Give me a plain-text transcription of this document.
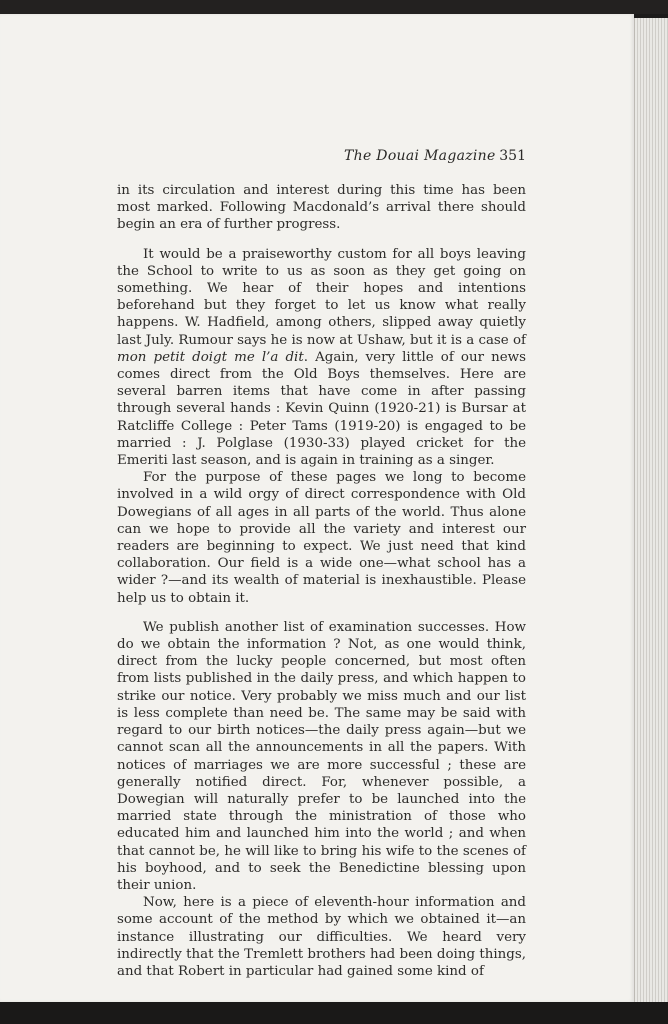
The Douai Magazine 351

in its circulation and interest during this time has been most marked. Following Macdonald’s arrival there should begin an era of further progress.

It would be a praiseworthy custom for all boys leaving the School to write to us as soon as they get going on something. We hear of their hopes and intentions beforehand but they forget to let us know what really happens. W. Hadfield, among others, slipped away quietly last July. Rumour says he is now at Ushaw, but it is a case of mon petit doigt me l’a dit. Again, very little of our news comes direct from the Old Boys themselves. Here are several barren items that have come in after passing through several hands : Kevin Quinn (1920-21) is Bursar at Ratcliffe College : Peter Tams (1919-20) is engaged to be married : J. Polglase (1930-33) played cricket for the Emeriti last season, and is again in training as a singer.

For the purpose of these pages we long to become involved in a wild orgy of direct correspondence with Old Dowegians of all ages in all parts of the world. Thus alone can we hope to provide all the variety and interest our readers are beginning to expect. We just need that kind collaboration. Our field is a wide one—what school has a wider ?—and its wealth of material is inexhaustible. Please help us to obtain it.

We publish another list of examination successes. How do we obtain the information ? Not, as one would think, direct from the lucky people concerned, but most often from lists published in the daily press, and which happen to strike our notice. Very probably we miss much and our list is less complete than need be. The same may be said with regard to our birth notices—the daily press again—but we cannot scan all the announcements in all the papers. With notices of marriages we are more successful ; these are generally notified direct. For, whenever possible, a Dowegian will naturally prefer to be launched into the married state through the ministration of those who educated him and launched him into the world ; and when that cannot be, he will like to bring his wife to the scenes of his boyhood, and to seek the Benedictine blessing upon their union.

Now, here is a piece of eleventh-hour information and some account of the method by which we obtained it—an instance illustrating our difficulties. We heard very indirectly that the Tremlett brothers had been doing things, and that Robert in particular had gained some kind of
